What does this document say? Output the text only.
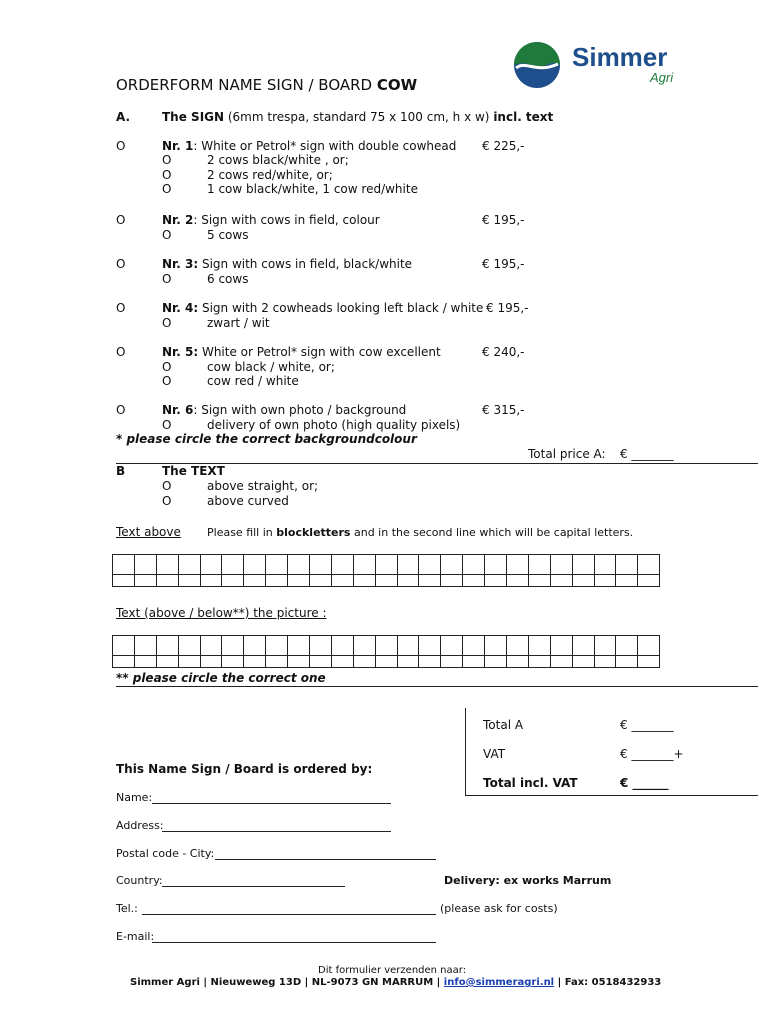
Simmer
Agri
ORDERFORM NAME SIGN / BOARD COW
A.	The SIGN (6mm trespa, standard 75 x 100 cm, h x w) incl. text
O	Nr. 1: White or Petrol* sign with double cowhead € 225,-
O	2 cows black/white , or;
O	2 cows red/white, or;
O	1 cow black/white, 1 cow red/white
O	Nr. 2: Sign with cows in field, colour	€ 195,-
O	5 cows
O	Nr. 3: Sign with cows in field, black/white	€ 195,-
O	6 cows
O	Nr. 4: Sign with 2 cowheads looking left black / white € 195,-
O	zwart / wit
O	Nr. 5: White or Petrol* sign with cow excellent	€ 240,-
O	cow black / white, or;
O	cow red / white
O	Nr. 6: Sign with own photo / background	€ 315,-
O	delivery of own photo (high quality pixels)
* please circle the correct backgroundcolour
Total price A: € _______
B	The TEXT
O	above straight, or;
O	above curved
Text above Please fill in blockletters and in the second line which will be capital letters.

Text (above / below**) the picture :

** please circle the correct one
Total A	€ _______
VAT	€ _______+
Total incl. VAT	€ ______
This Name Sign / Board is ordered by:
Name:
Address:
Postal code - City:
Country:	Delivery: ex works Marrum
Tel.:	(please ask for costs)
E-mail:
Dit formulier verzenden naar:
Simmer Agri | Nieuweweg 13D | NL-9073 GN MARRUM | info@simmeragri.nl | Fax: 0518432933
